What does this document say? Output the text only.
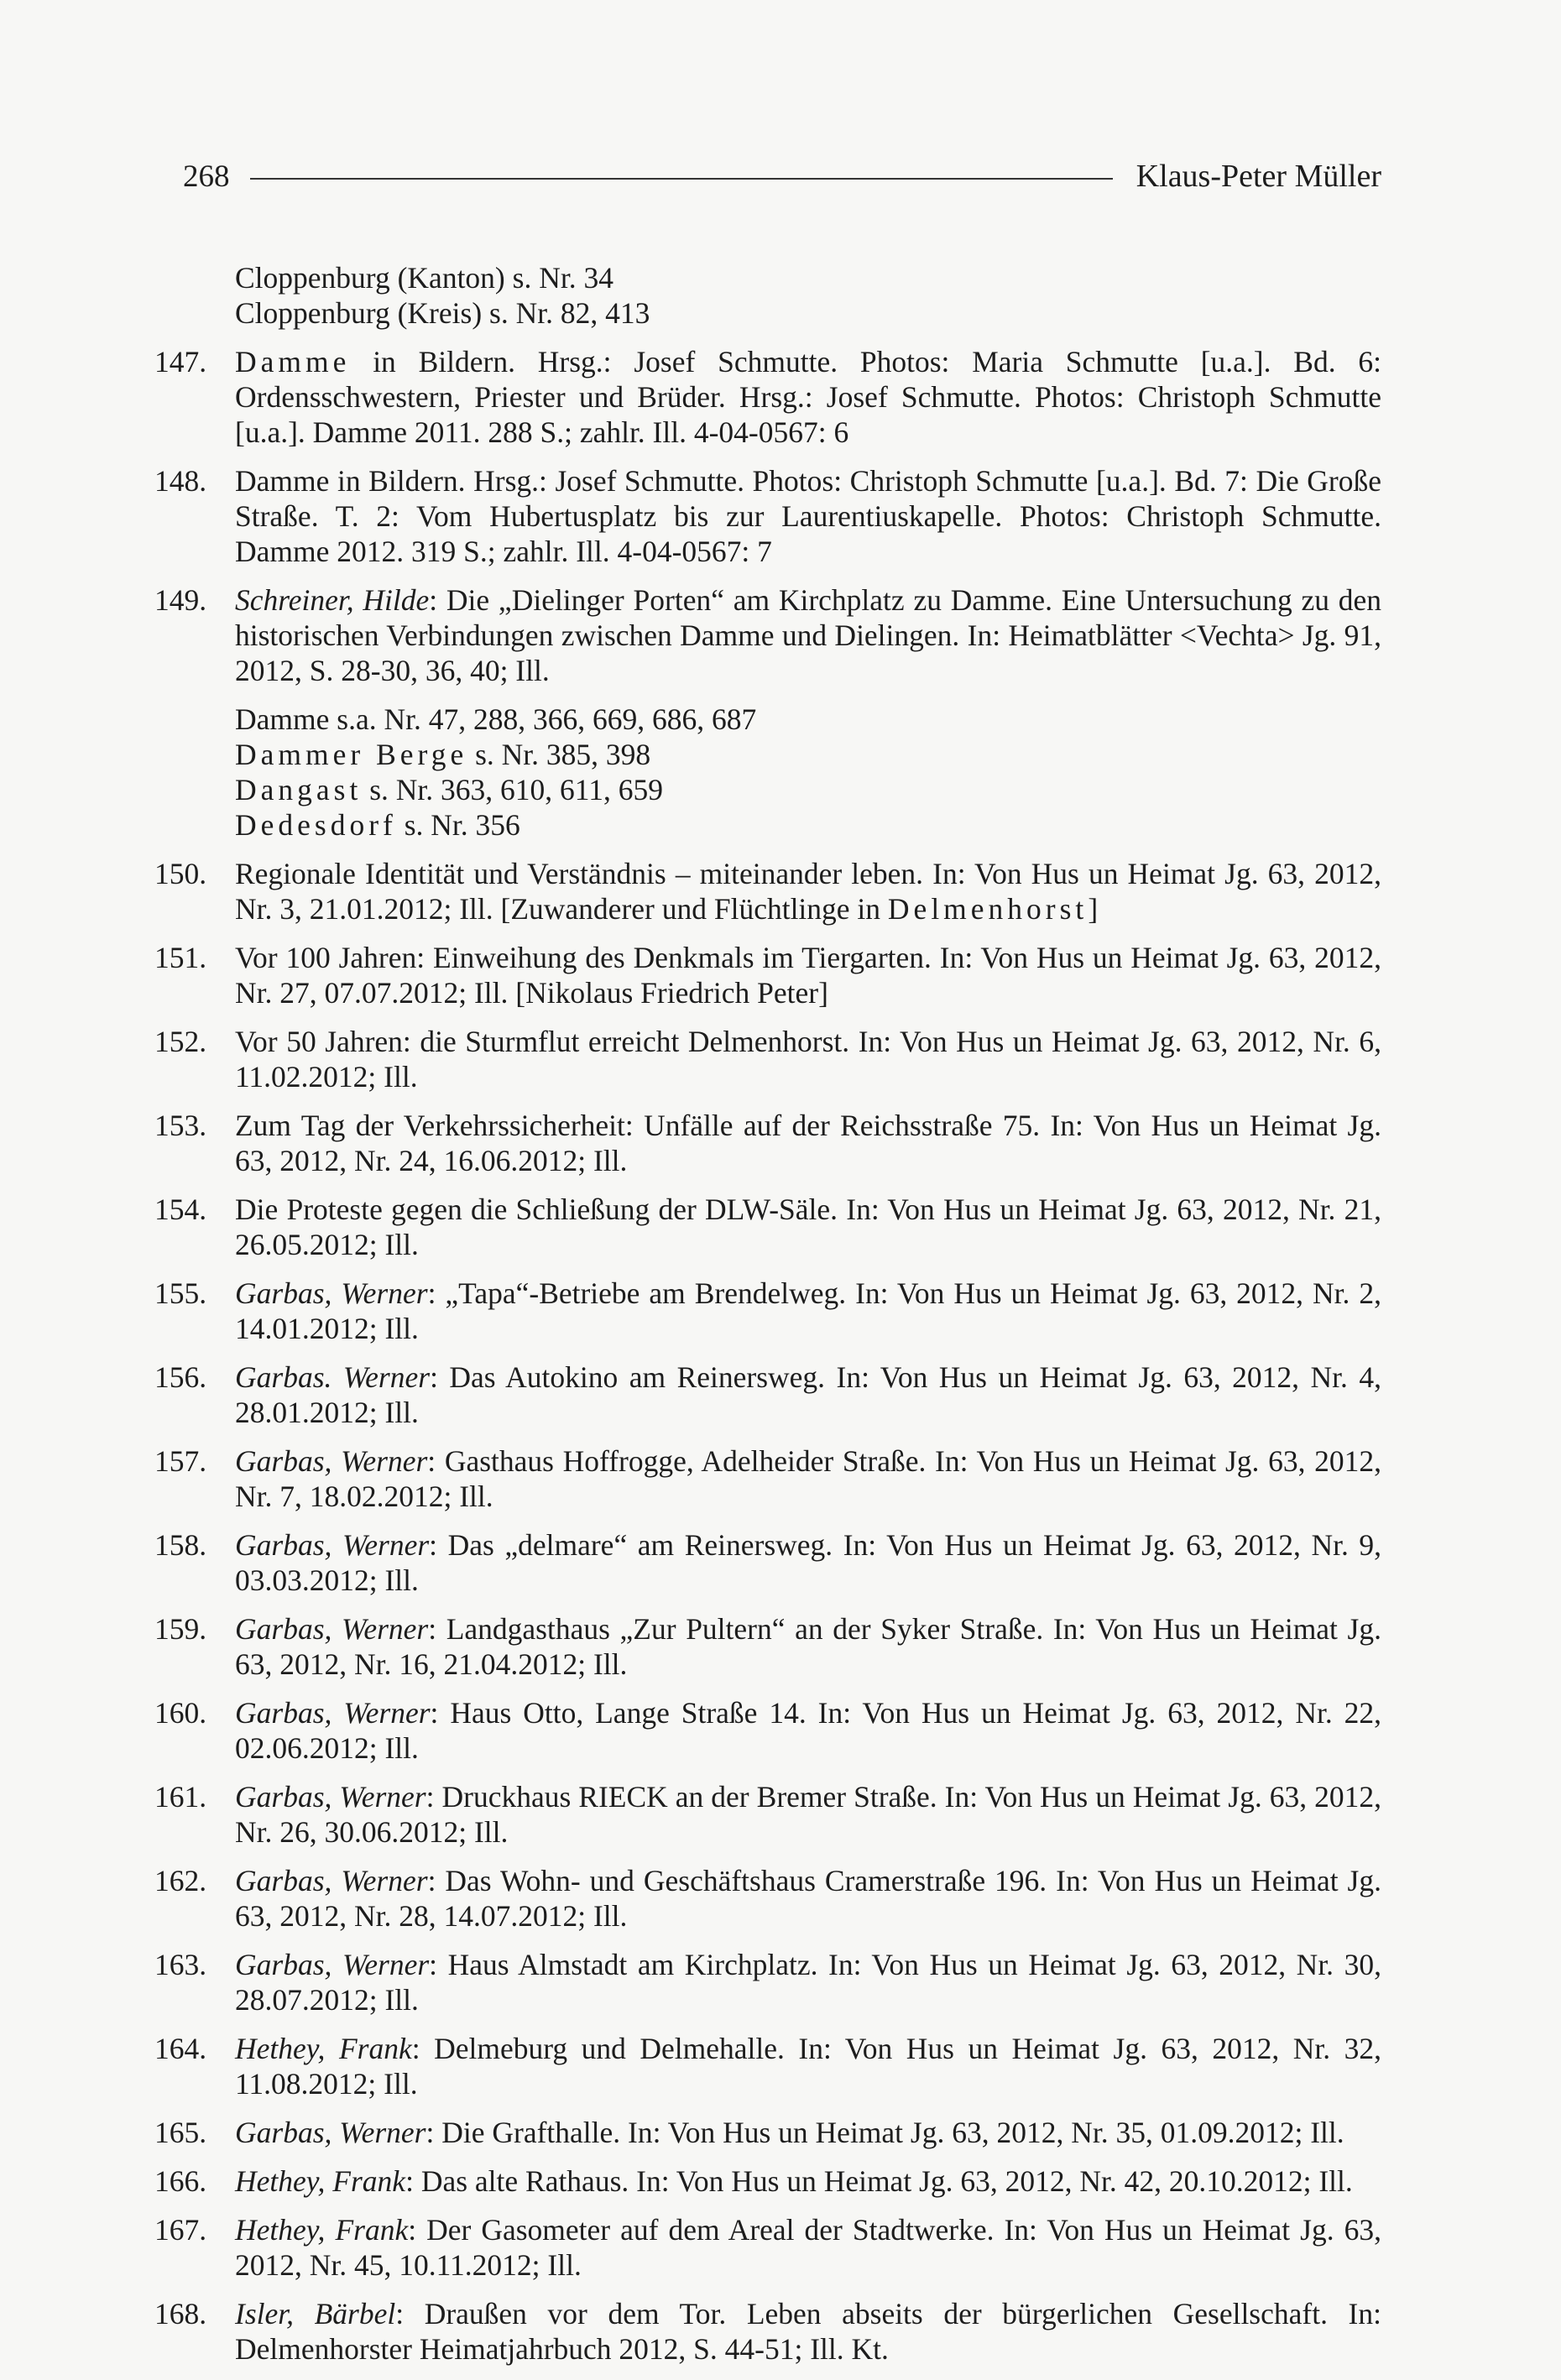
268	Klaus-Peter Müller
Cloppenburg (Kanton) s. Nr. 34
Cloppenburg (Kreis) s. Nr. 82, 413
147. Damme in Bildern. Hrsg.: Josef Schmutte. Photos: Maria Schmutte [u.a.]. Bd. 6: Ordensschwestern, Priester und Brüder. Hrsg.: Josef Schmutte. Photos: Christoph Schmutte [u.a.]. Damme 2011. 288 S.; zahlr. Ill. 4-04-0567: 6
148. Damme in Bildern. Hrsg.: Josef Schmutte. Photos: Christoph Schmutte [u.a.]. Bd. 7: Die Große Straße. T. 2: Vom Hubertusplatz bis zur Laurentiuskapelle. Photos: Christoph Schmutte. Damme 2012. 319 S.; zahlr. Ill. 4-04-0567: 7
149. Schreiner, Hilde: Die „Dielinger Porten“ am Kirchplatz zu Damme. Eine Untersuchung zu den historischen Verbindungen zwischen Damme und Dielingen. In: Heimatblätter <Vechta> Jg. 91, 2012, S. 28-30, 36, 40; Ill.
Damme s.a. Nr. 47, 288, 366, 669, 686, 687
Dammer Berge s. Nr. 385, 398
Dangast s. Nr. 363, 610, 611, 659
Dedesdorf s. Nr. 356
150. Regionale Identität und Verständnis – miteinander leben. In: Von Hus un Heimat Jg. 63, 2012, Nr. 3, 21.01.2012; Ill. [Zuwanderer und Flüchtlinge in Delmenhorst]
151. Vor 100 Jahren: Einweihung des Denkmals im Tiergarten. In: Von Hus un Heimat Jg. 63, 2012, Nr. 27, 07.07.2012; Ill. [Nikolaus Friedrich Peter]
152. Vor 50 Jahren: die Sturmflut erreicht Delmenhorst. In: Von Hus un Heimat Jg. 63, 2012, Nr. 6, 11.02.2012; Ill.
153. Zum Tag der Verkehrssicherheit: Unfälle auf der Reichsstraße 75. In: Von Hus un Heimat Jg. 63, 2012, Nr. 24, 16.06.2012; Ill.
154. Die Proteste gegen die Schließung der DLW-Säle. In: Von Hus un Heimat Jg. 63, 2012, Nr. 21, 26.05.2012; Ill.
155. Garbas, Werner: „Tapa“-Betriebe am Brendelweg. In: Von Hus un Heimat Jg. 63, 2012, Nr. 2, 14.01.2012; Ill.
156. Garbas. Werner: Das Autokino am Reinersweg. In: Von Hus un Heimat Jg. 63, 2012, Nr. 4, 28.01.2012; Ill.
157. Garbas, Werner: Gasthaus Hoffrogge, Adelheider Straße. In: Von Hus un Heimat Jg. 63, 2012, Nr. 7, 18.02.2012; Ill.
158. Garbas, Werner: Das „delmare“ am Reinersweg. In: Von Hus un Heimat Jg. 63, 2012, Nr. 9, 03.03.2012; Ill.
159. Garbas, Werner: Landgasthaus „Zur Pultern“ an der Syker Straße. In: Von Hus un Heimat Jg. 63, 2012, Nr. 16, 21.04.2012; Ill.
160. Garbas, Werner: Haus Otto, Lange Straße 14. In: Von Hus un Heimat Jg. 63, 2012, Nr. 22, 02.06.2012; Ill.
161. Garbas, Werner: Druckhaus RIECK an der Bremer Straße. In: Von Hus un Heimat Jg. 63, 2012, Nr. 26, 30.06.2012; Ill.
162. Garbas, Werner: Das Wohn- und Geschäftshaus Cramerstraße 196. In: Von Hus un Heimat Jg. 63, 2012, Nr. 28, 14.07.2012; Ill.
163. Garbas, Werner: Haus Almstadt am Kirchplatz. In: Von Hus un Heimat Jg. 63, 2012, Nr. 30, 28.07.2012; Ill.
164. Hethey, Frank: Delmeburg und Delmehalle. In: Von Hus un Heimat Jg. 63, 2012, Nr. 32, 11.08.2012; Ill.
165. Garbas, Werner: Die Grafthalle. In: Von Hus un Heimat Jg. 63, 2012, Nr. 35, 01.09.2012; Ill.
166. Hethey, Frank: Das alte Rathaus. In: Von Hus un Heimat Jg. 63, 2012, Nr. 42, 20.10.2012; Ill.
167. Hethey, Frank: Der Gasometer auf dem Areal der Stadtwerke. In: Von Hus un Heimat Jg. 63, 2012, Nr. 45, 10.11.2012; Ill.
168. Isler, Bärbel: Draußen vor dem Tor. Leben abseits der bürgerlichen Gesellschaft. In: Delmenhorster Heimatjahrbuch 2012, S. 44-51; Ill. Kt.
